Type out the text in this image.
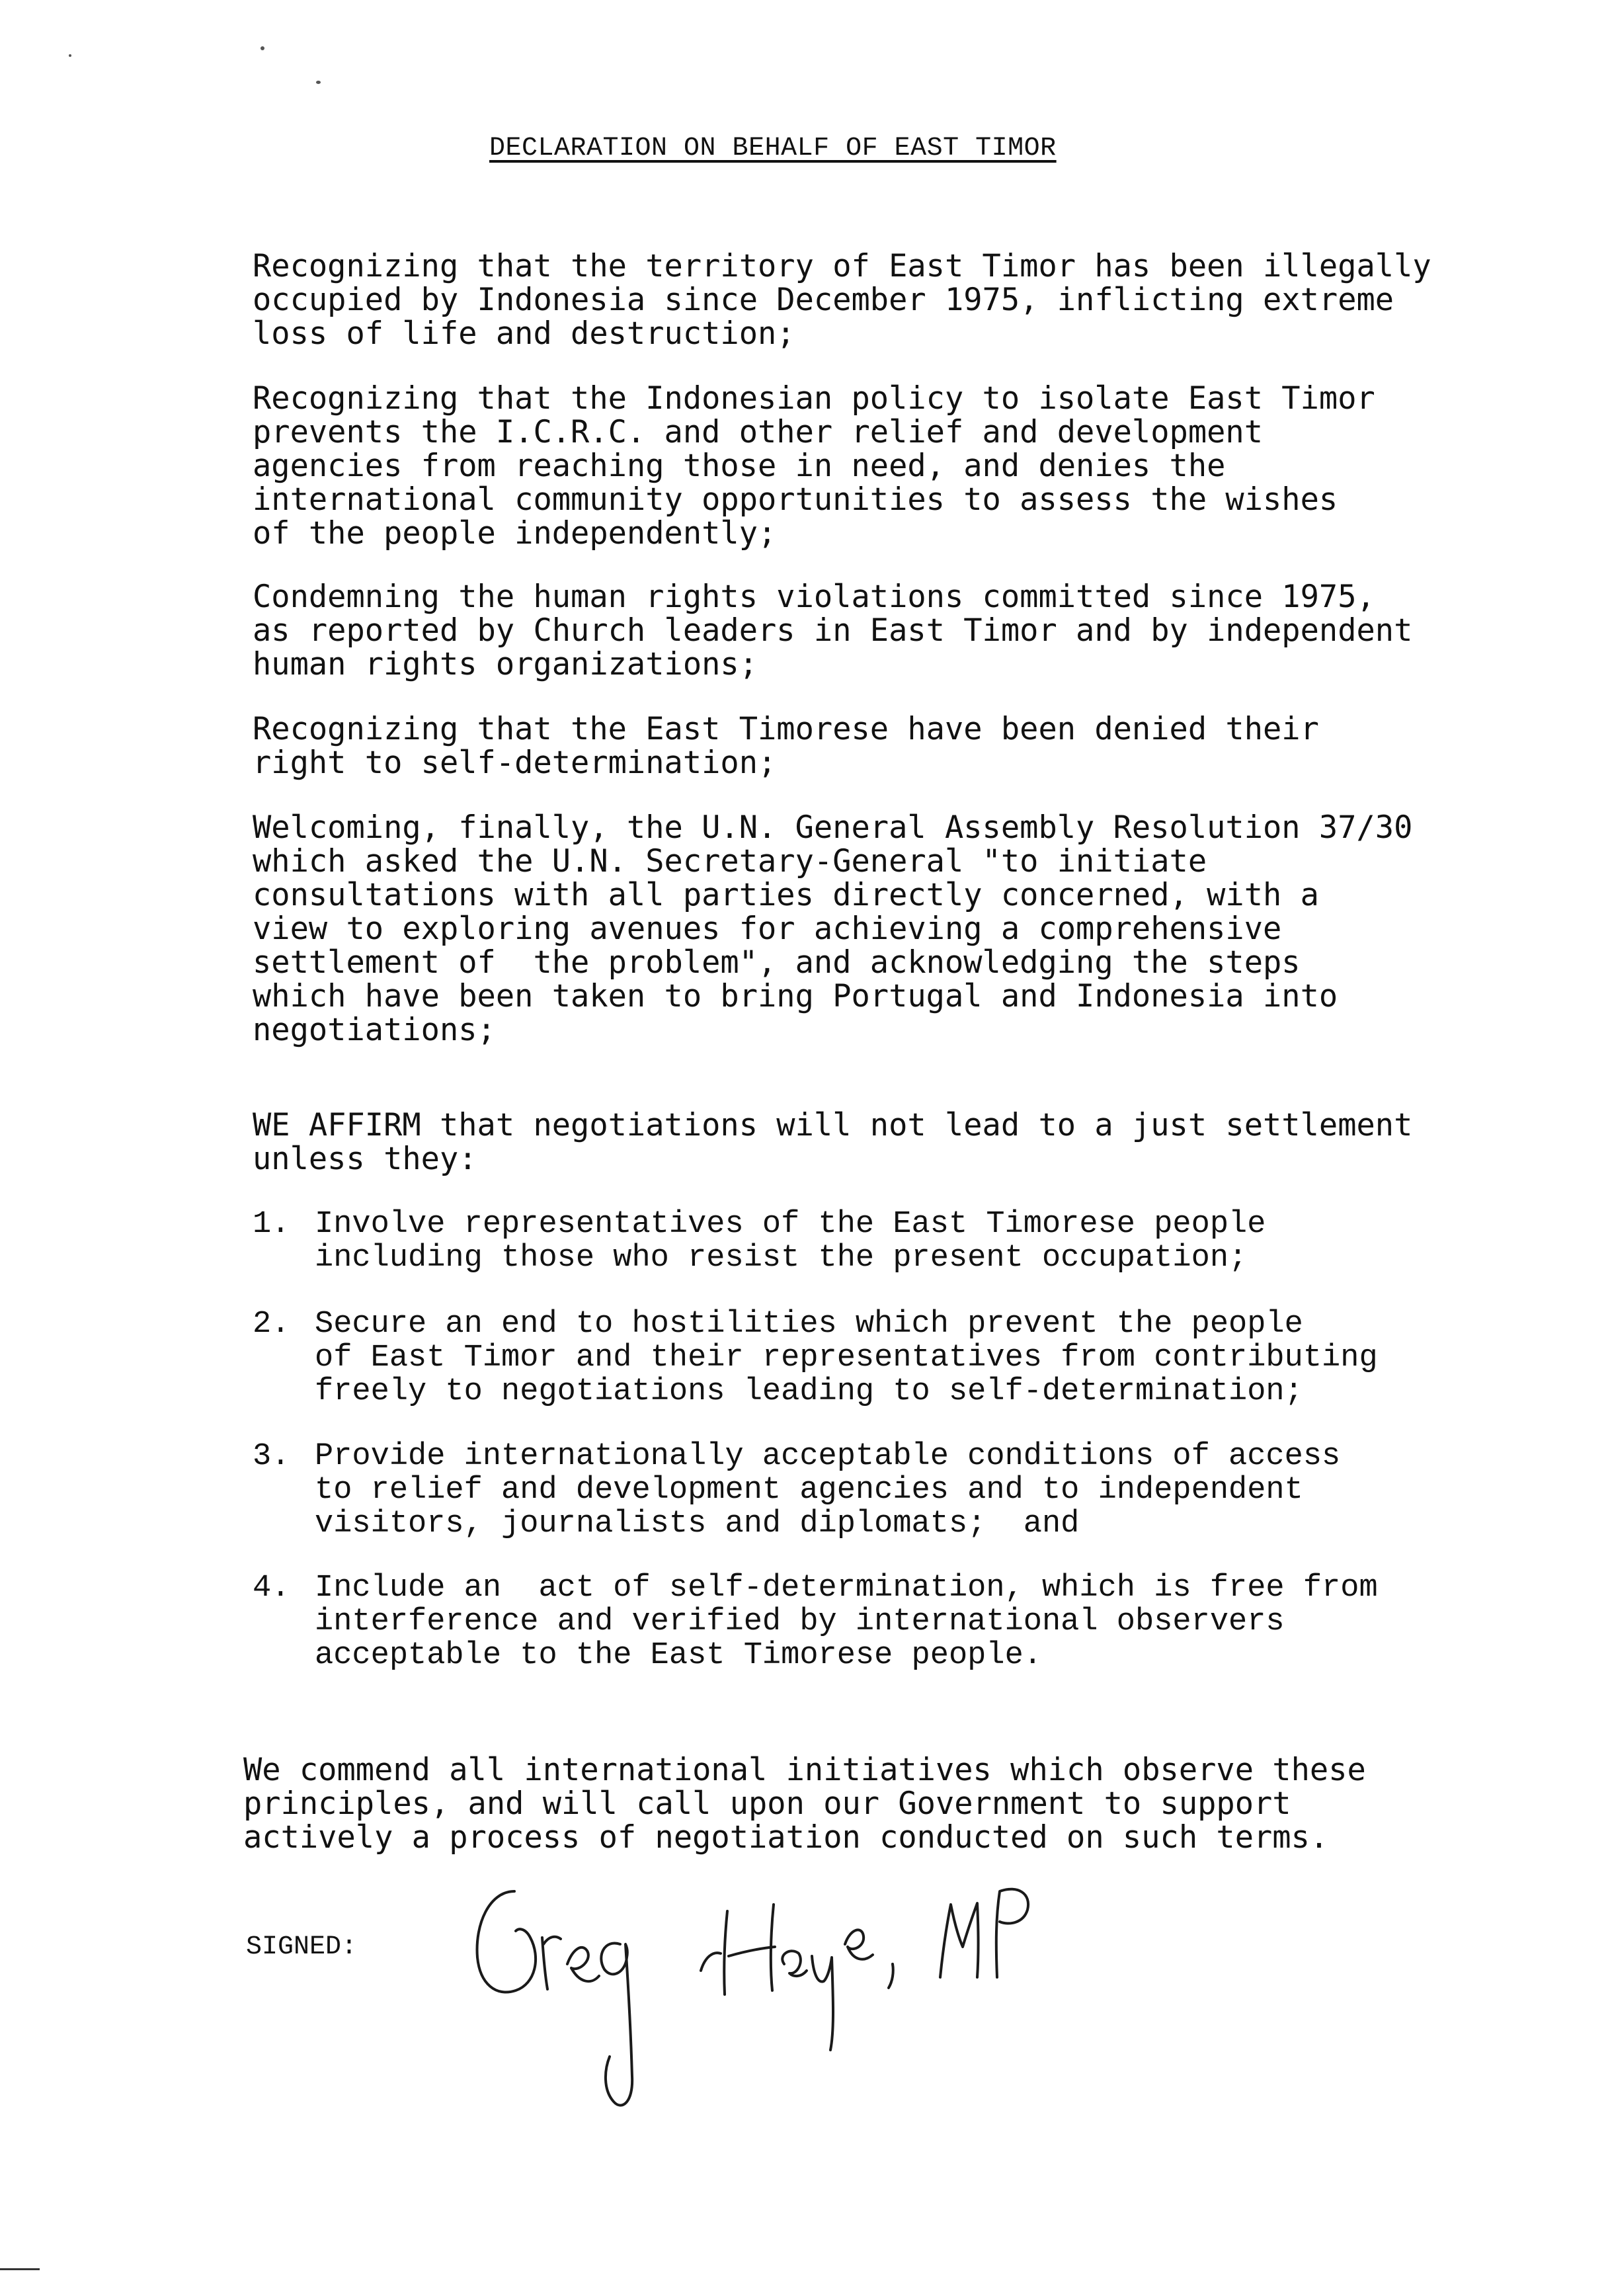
DECLARATION ON BEHALF OF EAST TIMOR
Recognizing that the territory of East Timor has been illegally
occupied by Indonesia since December 1975, inflicting extreme
loss of life and destruction;
Recognizing that the Indonesian policy to isolate East Timor
prevents the I.C.R.C. and other relief and development
agencies from reaching those in need, and denies the
international community opportunities to assess the wishes
of the people independently;
Condemning the human rights violations committed since 1975,
as reported by Church leaders in East Timor and by independent
human rights organizations;
Recognizing that the East Timorese have been denied their
right to self-determination;
Welcoming, finally, the U.N. General Assembly Resolution 37/30
which asked the U.N. Secretary-General "to initiate
consultations with all parties directly concerned, with a
view to exploring avenues for achieving a comprehensive
settlement of  the problem", and acknowledging the steps
which have been taken to bring Portugal and Indonesia into
negotiations;
WE AFFIRM that negotiations will not lead to a just settlement
unless they:

1.

Involve representatives of the East Timorese people
including those who resist the present occupation;

2.

Secure an end to hostilities which prevent the people
of East Timor and their representatives from contributing
freely to negotiations leading to self-determination;

3.

Provide internationally acceptable conditions of access
to relief and development agencies and to independent
visitors, journalists and diplomats;  and

4.

Include an  act of self-determination, which is free from
interference and verified by international observers
acceptable to the East Timorese people.

We commend all international initiatives which observe these
principles, and will call upon our Government to support
actively a process of negotiation conducted on such terms.
SIGNED:
Greg Hayes, MP
